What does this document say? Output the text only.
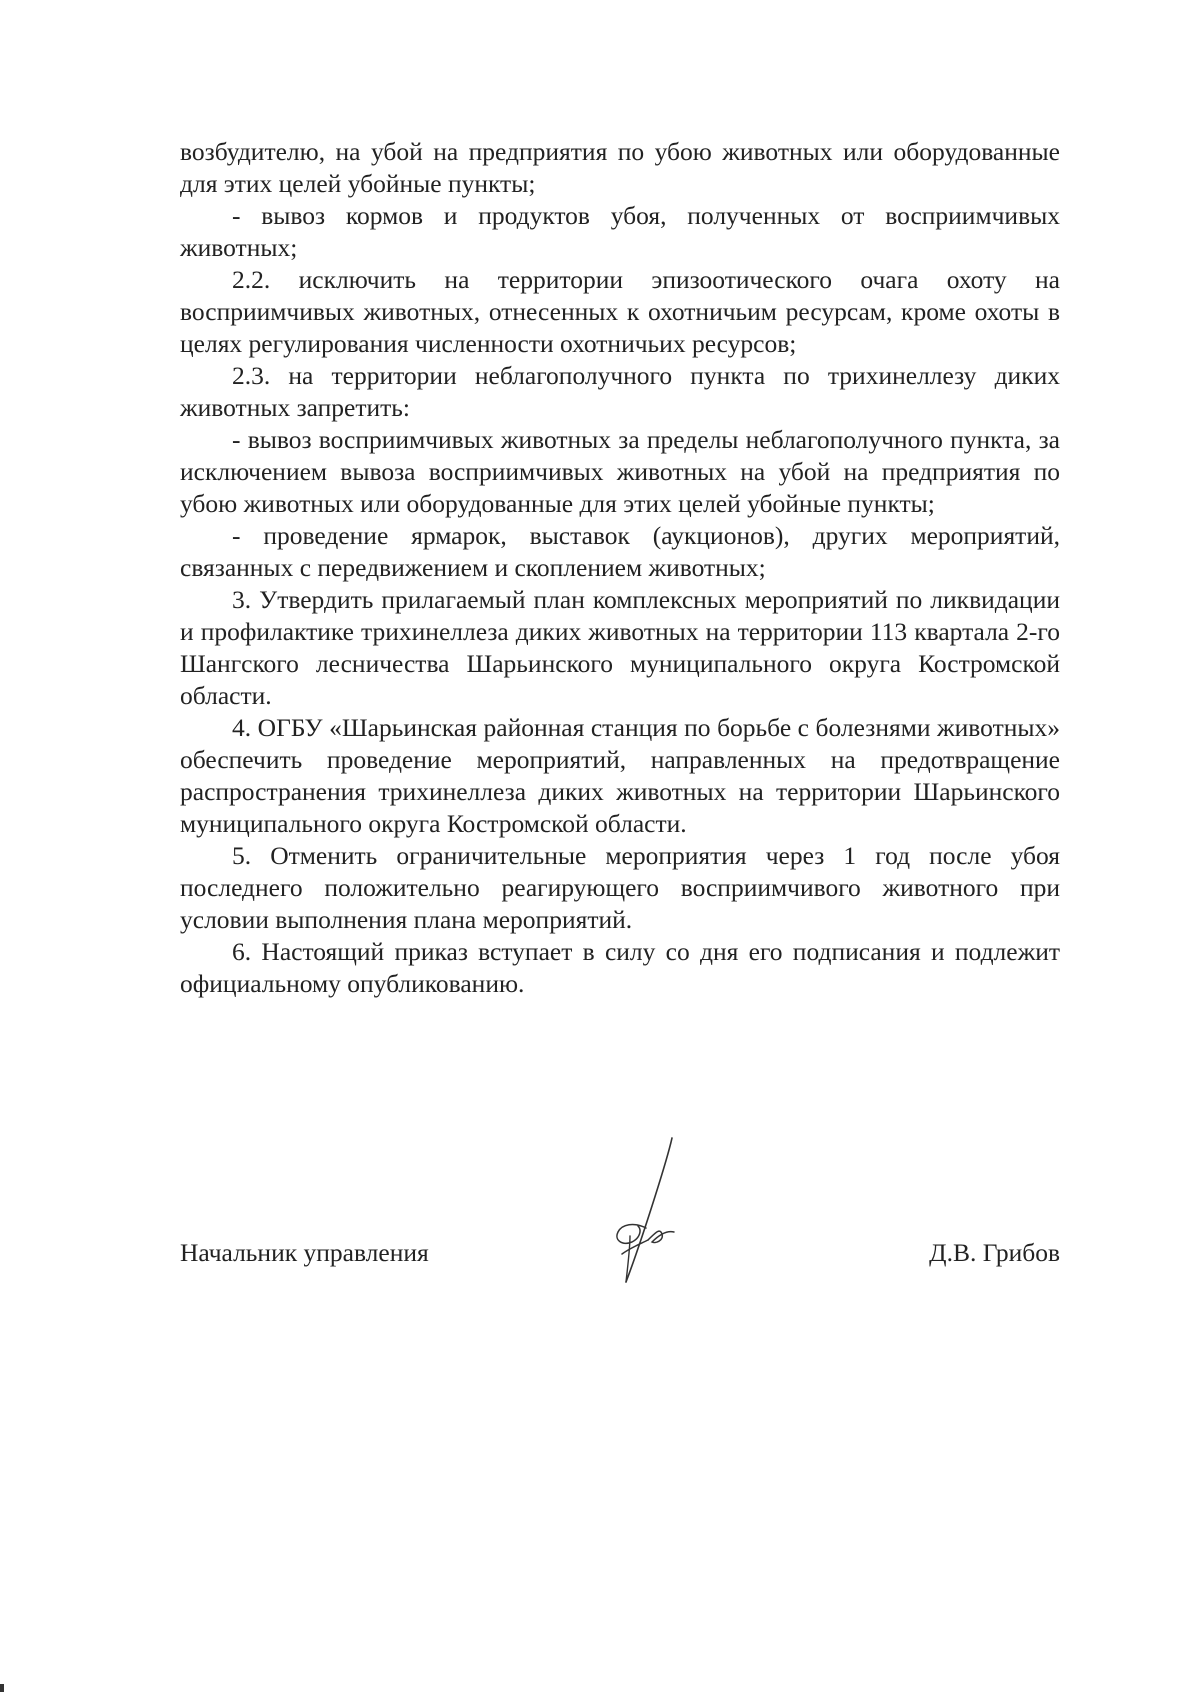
возбудителю, на убой на предприятия по убою животных или оборудованные для этих целей убойные пункты;

- вывоз кормов и продуктов убоя, полученных от восприимчивых животных;

2.2. исключить на территории эпизоотического очага охоту на восприимчивых животных, отнесенных к охотничьим ресурсам, кроме охоты в целях регулирования численности охотничьих ресурсов;

2.3. на территории неблагополучного пункта по трихинеллезу диких животных запретить:

- вывоз восприимчивых животных за пределы неблагополучного пункта, за исключением вывоза восприимчивых животных на убой на предприятия по убою животных или оборудованные для этих целей убойные пункты;

- проведение ярмарок, выставок (аукционов), других мероприятий, связанных с передвижением и скоплением животных;

3. Утвердить прилагаемый план комплексных мероприятий по ликвидации и профилактике трихинеллеза диких животных на территории 113 квартала 2-го Шангского лесничества Шарьинского муниципального округа Костромской области.

4. ОГБУ «Шарьинская районная станция по борьбе с болезнями животных» обеспечить проведение мероприятий, направленных на предотвращение распространения трихинеллеза диких животных на территории Шарьинского муниципального округа Костромской области.

5. Отменить ограничительные мероприятия через 1 год после убоя последнего положительно реагирующего восприимчивого животного при условии выполнения плана мероприятий.

6. Настоящий приказ вступает в силу со дня его подписания и подлежит официальному опубликованию.

Начальник управления	Д.В. Грибов
